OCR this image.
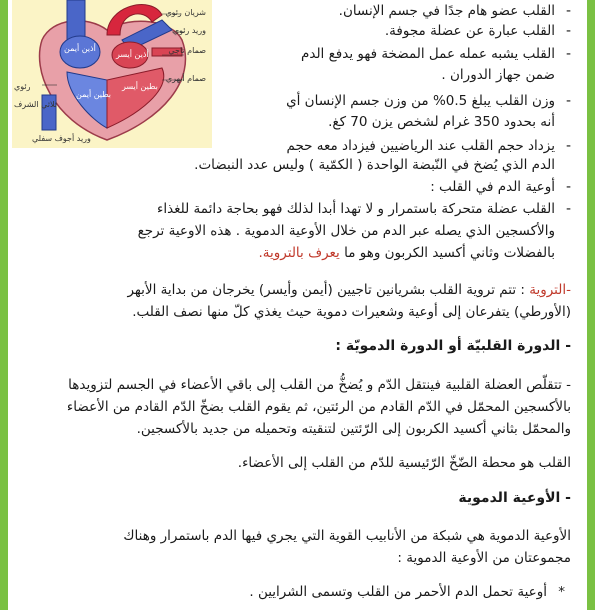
شريان رئوي
وريد رئوي
صمام تاجي
صمام أبهري
أذين أيمن
أذين أيسر
بطين أيمن
بطين أيسر
رئوي
ثلاثي الشرف
وريد أجوف سفلي
-
القلب عضو هام جدًا في جسم الإنسان.
-
القلب عبارة عن عضلة مجوفة.
-
القلب يشبه عمله عمل المضخة فهو يدفع الدم
ضمن جهاز الدوران .
-
وزن القلب يبلغ 0.5% من وزن جسم الإنسان أي
أنه بحدود 350 غرام لشخص يزن 70 كغ.
-
يزداد حجم القلب عند الرياضيين فيزداد معه حجم
الدم الذي يُضخ في النّبضة الواحدة ( الكمّية ) وليس عدد النبضات.
-
أوعية الدم في القلب :
-
القلب عضلة متحركة باستمرار و لا تهدا أبدا لذلك فهو بحاجة دائمة للغذاء
والأكسجين الذي يصله عبر الدم من خلال الأوعية الدموية . هذه الاوعية ترجع
بالفضلات وثاني أكسيد الكربون وهو ما يعرف بالتروية.
-التروية : تتم تروية القلب بشريانين تاجيين (أيمن وأيسر) يخرجان من بداية الأبهر
(الأورطي) يتفرعان إلى أوعية وشعيرات دموية حيث يغذي كلّ منها نصف القلب.
- الدورة القلبيّة أو الدورة الدمويّة :
- تتقلّص العضلة القلبية فينتقل الدّم و يُضخُّ من القلب إلى باقي الأعضاء في الجسم لتزويدها
بالأكسجين المحمّل في الدّم القادم من الرئتين، ثم يقوم القلب بضخّ الدّم القادم من الأعضاء
والمحمّل بثاني أكسيد الكربون إلى الرّئتين لتنقيته وتحميله من جديد بالأكسجين.
القلب هو محطة الضّخّ الرّئيسية للدّم من القلب إلى الأعضاء.
- الأوعية الدموية
الأوعية الدموية هي شبكة من الأنابيب القوية التي يجري فيها الدم باستمرار وهناك
مجموعتان من الأوعية الدموية :
*
أوعية تحمل الدم الأحمر من القلب وتسمى الشرايين .
